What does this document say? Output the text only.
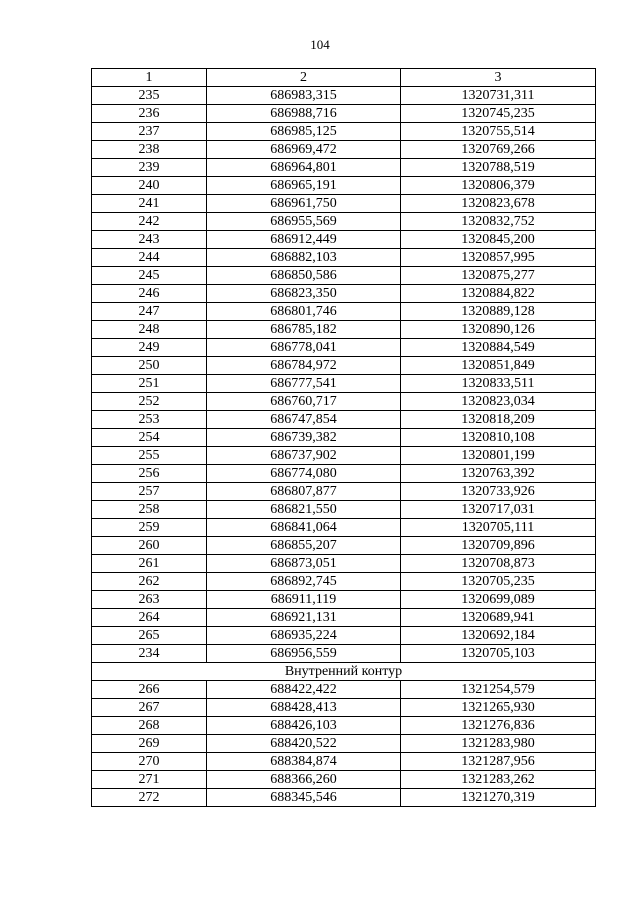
104
1	2	3
235	686983,315	1320731,311
236	686988,716	1320745,235
237	686985,125	1320755,514
238	686969,472	1320769,266
239	686964,801	1320788,519
240	686965,191	1320806,379
241	686961,750	1320823,678
242	686955,569	1320832,752
243	686912,449	1320845,200
244	686882,103	1320857,995
245	686850,586	1320875,277
246	686823,350	1320884,822
247	686801,746	1320889,128
248	686785,182	1320890,126
249	686778,041	1320884,549
250	686784,972	1320851,849
251	686777,541	1320833,511
252	686760,717	1320823,034
253	686747,854	1320818,209
254	686739,382	1320810,108
255	686737,902	1320801,199
256	686774,080	1320763,392
257	686807,877	1320733,926
258	686821,550	1320717,031
259	686841,064	1320705,111
260	686855,207	1320709,896
261	686873,051	1320708,873
262	686892,745	1320705,235
263	686911,119	1320699,089
264	686921,131	1320689,941
265	686935,224	1320692,184
234	686956,559	1320705,103
Внутренний контур		
266	688422,422	1321254,579
267	688428,413	1321265,930
268	688426,103	1321276,836
269	688420,522	1321283,980
270	688384,874	1321287,956
271	688366,260	1321283,262
272	688345,546	1321270,319
